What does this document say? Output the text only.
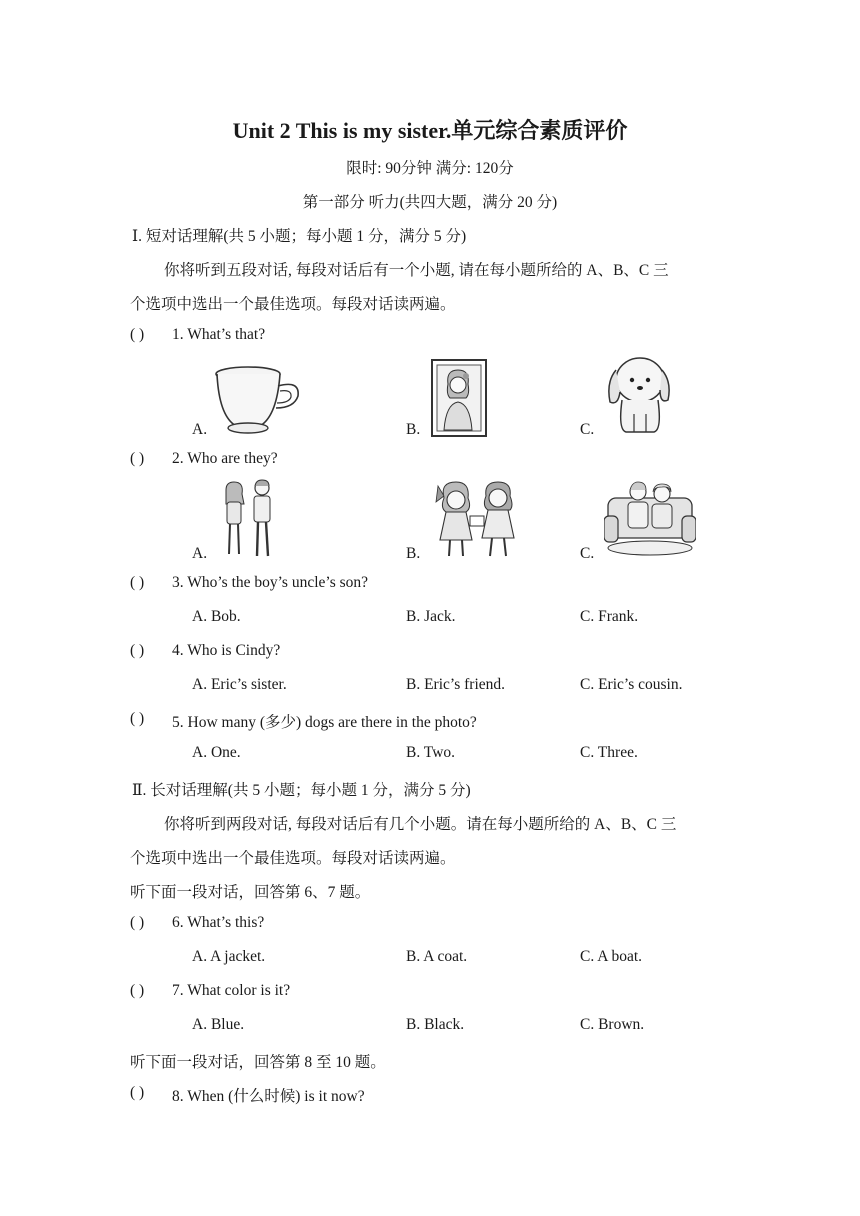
Unit 2 This is my sister.单元综合素质评价
限时: 90分钟 满分: 120分
第一部分 听力(共四大题，满分 20 分)
Ⅰ. 短对话理解(共 5 小题；每小题 1 分，满分 5 分)
你将听到五段对话, 每段对话后有一个小题, 请在每小题所给的 A、B、C 三
个选项中选出一个最佳选项。每段对话读两遍。
( ) 1. What’s that?
A.	B.	C.
( ) 2. Who are they?
A.	B.	C.
( ) 3. Who’s the boy’s uncle’s son?
A. Bob.	B. Jack.	C. Frank.
( ) 4. Who is Cindy?
A. Eric’s sister.	B. Eric’s friend.	C. Eric’s cousin.
( ) 5. How many (多少) dogs are there in the photo?
A. One.	B. Two.	C. Three.
Ⅱ. 长对话理解(共 5 小题；每小题 1 分，满分 5 分)
你将听到两段对话, 每段对话后有几个小题。请在每小题所给的 A、B、C 三
个选项中选出一个最佳选项。每段对话读两遍。
听下面一段对话，回答第 6、7 题。
( ) 6. What’s this?
A. A jacket.	B. A coat.	C. A boat.
( ) 7. What color is it?
A. Blue.	B. Black.	C. Brown.
听下面一段对话，回答第 8 至 10 题。
( ) 8. When (什么时候) is it now?
